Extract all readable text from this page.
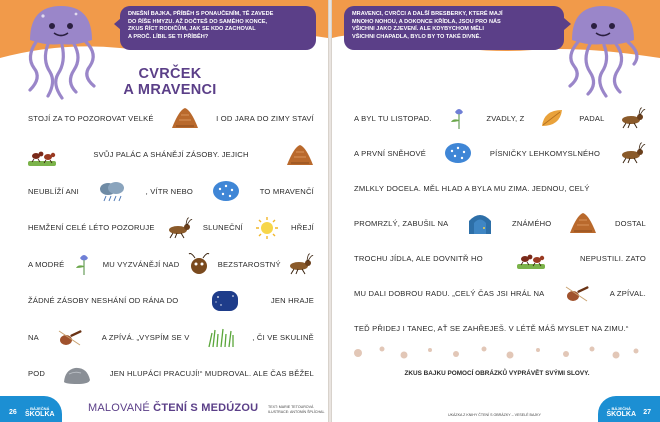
DNEŠNÍ BAJKA, PŘÍBĚH S PONAUČENÍM, TĚ ZAVEDE
DO ŘÍŠE HMYZU. AŽ DOČTEŠ DO SAMÉHO KONCE,
ZKUS ŘÍCT RODIČŮM, JAK SE KDO ZACHOVAL
A PROČ. LÍBIL SE TI PŘÍBĚH?
CVRČEK
A MRAVENCI
STOJÍ ZA TO POZOROVAT VELKÉ	I OD JARA DO ZIMY STAVÍ
SVŮJ PALÁC A SHÁNĚJÍ ZÁSOBY. JEJICH
NEUBLÍŽÍ ANI	, VÍTR NEBO	TO MRAVENČÍ
HEMŽENÍ CELÉ LÉTO POZORUJE	SLUNEČNÍ	HŘEJÍ
A MODRÉ	MU VYZVÁNĚJÍ NAD	BEZSTAROSTNÝ
ŽÁDNÉ ZÁSOBY NESHÁNÍ OD RÁNA DO	JEN HRAJE
NA	A ZPÍVÁ. „VYSPÍM SE V	, ČI VE SKULINĚ
POD	JEN HLUPÁCI PRACUJÍ!“ MUDROVAL. ALE ČAS BĚŽEL
26
BÁJEČNÁ
ŠKOLKA
MALOVANÉ ČTENÍ S MEDÚZOU
MRAVENCI, CVRČCI A DALŠÍ BRESBERKY, KTERÉ MAJÍ
MNOHO NOHOU, A DOKONCE KŘÍDLA, JSOU PRO NÁS
VŠICHNI JAKO ZJEVENÍ. ALE KDYBYCHOM MĚLI
VŠICHNI CHAPADLA, BYLO BY TO TAKÉ DIVNÉ.
A BYL TU LISTOPAD.	ZVADLY, Z	PADAL
A PRVNÍ SNĚHOVÉ	PÍSNIČKY LEHKOMYSLNÉHO
ZMLKLY DOCELA. MĚL HLAD A BYLA MU ZIMA. JEDNOU, CELÝ
PROMRZLÝ, ZABUŠIL NA	ZNÁMÉHO	DOSTAL
TROCHU JÍDLA, ALE DOVNITŘ HO	NEPUSTILI. ZATO
MU DALI DOBROU RADU. „CELÝ ČAS JSI HRÁL NA	A ZPÍVAL.
TEĎ PŘIDEJ I TANEC, AŤ SE ZAHŘEJEŠ. V LÉTĚ MÁŠ MYSLET NA ZIMU.“
ZKUS BAJKU POMOCÍ OBRÁZKŮ VYPRÁVĚT SVÝMI SLOVY.
UKÁZKA Z KNIHY ČTENÍ S OBRÁZKY – VESELÉ BAJKY
BÁJEČNÁ
ŠKOLKA 27
TEXT: MARIE TETOUROVÁ
ILUSTRACE: ANTONÍN ŠPLÍCHAL
